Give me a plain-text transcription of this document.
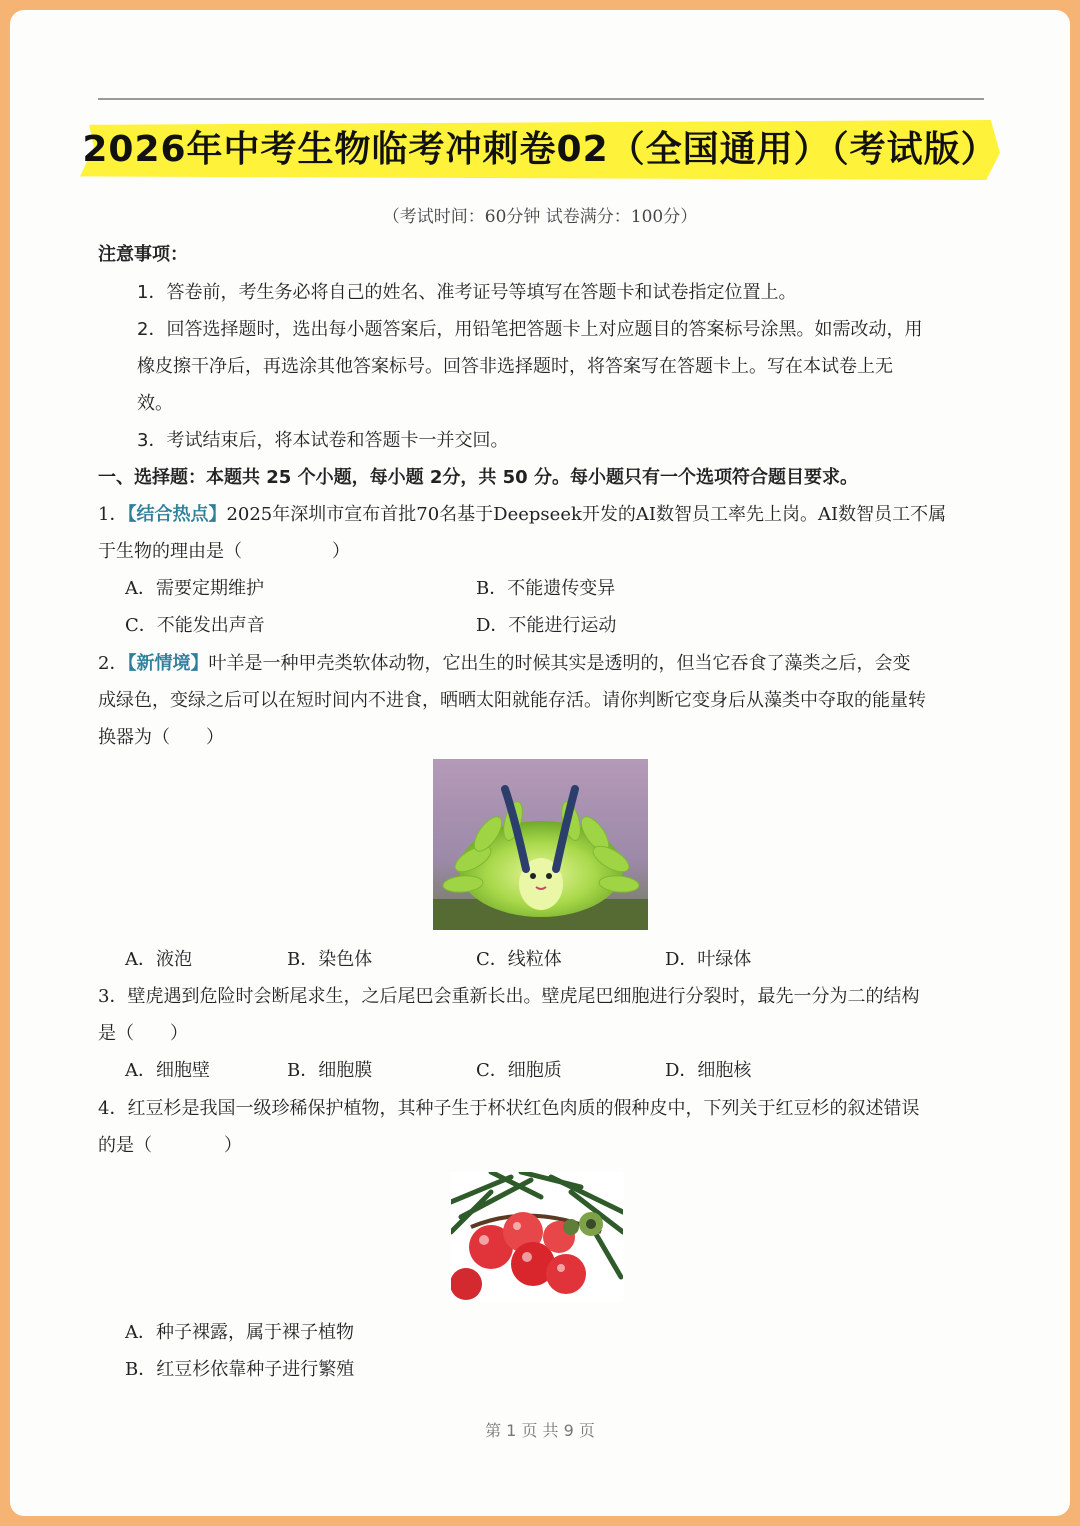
2026年中考生物临考冲刺卷02（全国通用）（考试版）
（考试时间：60分钟 试卷满分：100分）
注意事项：
1．答卷前，考生务必将自己的姓名、准考证号等填写在答题卡和试卷指定位置上。
2．回答选择题时，选出每小题答案后，用铅笔把答题卡上对应题目的答案标号涂黑。如需改动，用
橡皮擦干净后，再选涂其他答案标号。回答非选择题时，将答案写在答题卡上。写在本试卷上无
效。
3．考试结束后，将本试卷和答题卡一并交回。
一、选择题：本题共 25 个小题，每小题 2分，共 50 分。每小题只有一个选项符合题目要求。
1．【结合热点】2025年深圳市宣布首批70名基于Deepseek开发的AI数智员工率先上岗。AI数智员工不属
于生物的理由是（　　　　　）
A．需要定期维护	B．不能遗传变异
C．不能发出声音	D．不能进行运动
2．【新情境】叶羊是一种甲壳类软体动物，它出生的时候其实是透明的，但当它吞食了藻类之后，会变
成绿色，变绿之后可以在短时间内不进食，晒晒太阳就能存活。请你判断它变身后从藻类中夺取的能量转
换器为（　　）
A．液泡	B．染色体	C．线粒体	D．叶绿体
3．壁虎遇到危险时会断尾求生，之后尾巴会重新长出。壁虎尾巴细胞进行分裂时，最先一分为二的结构
是（　　）
A．细胞壁	B．细胞膜	C．细胞质	D．细胞核
4．红豆杉是我国一级珍稀保护植物，其种子生于杯状红色肉质的假种皮中，下列关于红豆杉的叙述错误
的是（　　　　）
A．种子裸露，属于裸子植物
B．红豆杉依靠种子进行繁殖
第 1 页 共 9 页
